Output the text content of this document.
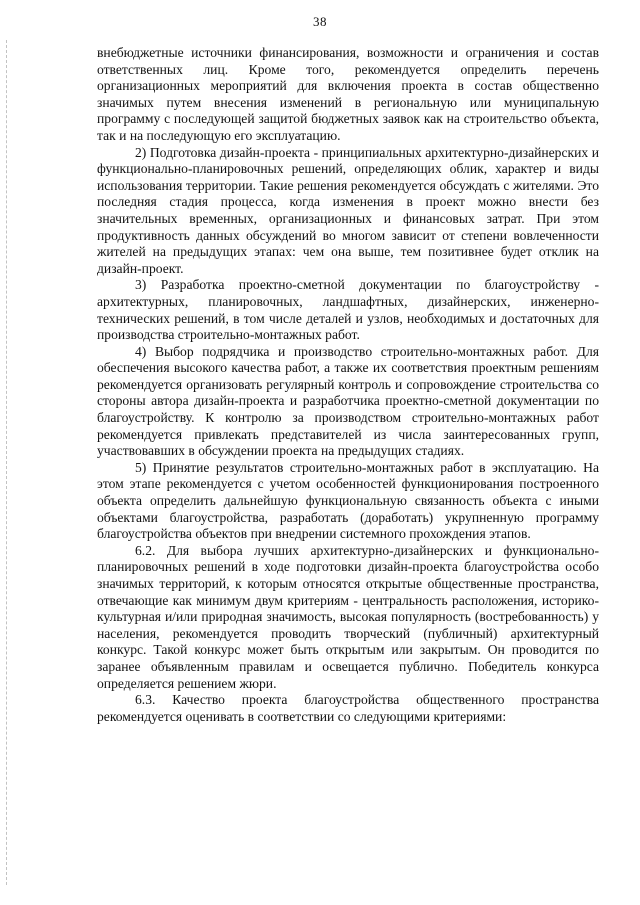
38

внебюджетные источники финансирования, возможности и ограничения и состав ответственных лиц. Кроме того, рекомендуется определить перечень организационных мероприятий для включения проекта в состав общественно значимых путем внесения изменений в региональную или муниципальную программу с последующей защитой бюджетных заявок как на строительство объекта, так и на последующую его эксплуатацию.

2) Подготовка дизайн-проекта - принципиальных архитектурно-дизайнерских и функционально-планировочных решений, определяющих облик, характер и виды использования территории. Такие решения рекомендуется обсуждать с жителями. Это последняя стадия процесса, когда изменения в проект можно внести без значительных временных, организационных и финансовых затрат. При этом продуктивность данных обсуждений во многом зависит от степени вовлеченности жителей на предыдущих этапах: чем она выше, тем позитивнее будет отклик на дизайн-проект.

3) Разработка проектно-сметной документации по благоустройству - архитектурных, планировочных, ландшафтных, дизайнерских, инженерно-технических решений, в том числе деталей и узлов, необходимых и достаточных для производства строительно-монтажных работ.

4) Выбор подрядчика и производство строительно-монтажных работ. Для обеспечения высокого качества работ, а также их соответствия проектным решениям рекомендуется организовать регулярный контроль и сопровождение строительства со стороны автора дизайн-проекта и разработчика проектно-сметной документации по благоустройству. К контролю за производством строительно-монтажных работ рекомендуется привлекать представителей из числа заинтересованных групп, участвовавших в обсуждении проекта на предыдущих стадиях.

5) Принятие результатов строительно-монтажных работ в эксплуатацию. На этом этапе рекомендуется с учетом особенностей функционирования построенного объекта определить дальнейшую функциональную связанность объекта с иными объектами благоустройства, разработать (доработать) укрупненную программу благоустройства объектов при внедрении системного прохождения этапов.

6.2. Для выбора лучших архитектурно-дизайнерских и функционально-планировочных решений в ходе подготовки дизайн-проекта благоустройства особо значимых территорий, к которым относятся открытые общественные пространства, отвечающие как минимум двум критериям - центральность расположения, историко-культурная и/или природная значимость, высокая популярность (востребованность) у населения, рекомендуется проводить творческий (публичный) архитектурный конкурс. Такой конкурс может быть открытым или закрытым. Он проводится по заранее объявленным правилам и освещается публично. Победитель конкурса определяется решением жюри.

6.3. Качество проекта благоустройства общественного пространства рекомендуется оценивать в соответствии со следующими критериями:
